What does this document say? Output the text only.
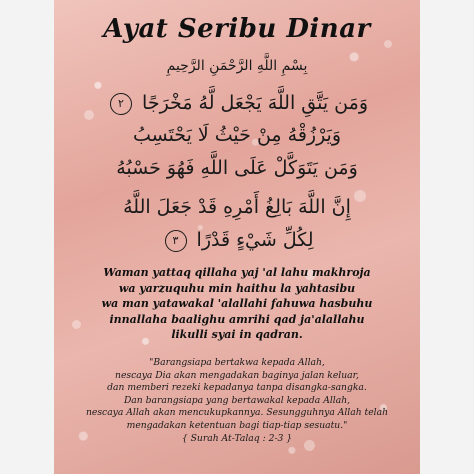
Ayat Seribu Dinar
بِسْمِ اللَّهِ الرَّحْمَنِ الرَّحِيمِ
وَمَن يَتَّقِ اللَّهَ يَجْعَل لَّهُ مَخْرَجًا ٢
وَيَرْزُقْهُ مِنْ حَيْثُ لَا يَحْتَسِبُ
وَمَن يَتَوَكَّلْ عَلَى اللَّهِ فَهُوَ حَسْبُهُ
إِنَّ اللَّهَ بَالِغُ أَمْرِهِ قَدْ جَعَلَ اللَّهُ
لِكُلِّ شَيْءٍ قَدْرًا ٣
Waman yattaq qillaha yaj 'al lahu makhroja
wa yarzuquhu min haithu la yahtasibu
wa man yatawakal 'alallahi fahuwa hasbuhu
innallaha baalighu amrihi qad ja'alallahu
likulli syai in qadran.
"Barangsiapa bertakwa kepada Allah,
nescaya Dia akan mengadakan baginya jalan keluar,
dan memberi rezeki kepadanya tanpa disangka-sangka.
Dan barangsiapa yang bertawakal kepada Allah,
nescaya Allah akan mencukupkannya. Sesungguhnya Allah telah
mengadakan ketentuan bagi tiap-tiap sesuatu."
{ Surah At-Talaq : 2-3 }
